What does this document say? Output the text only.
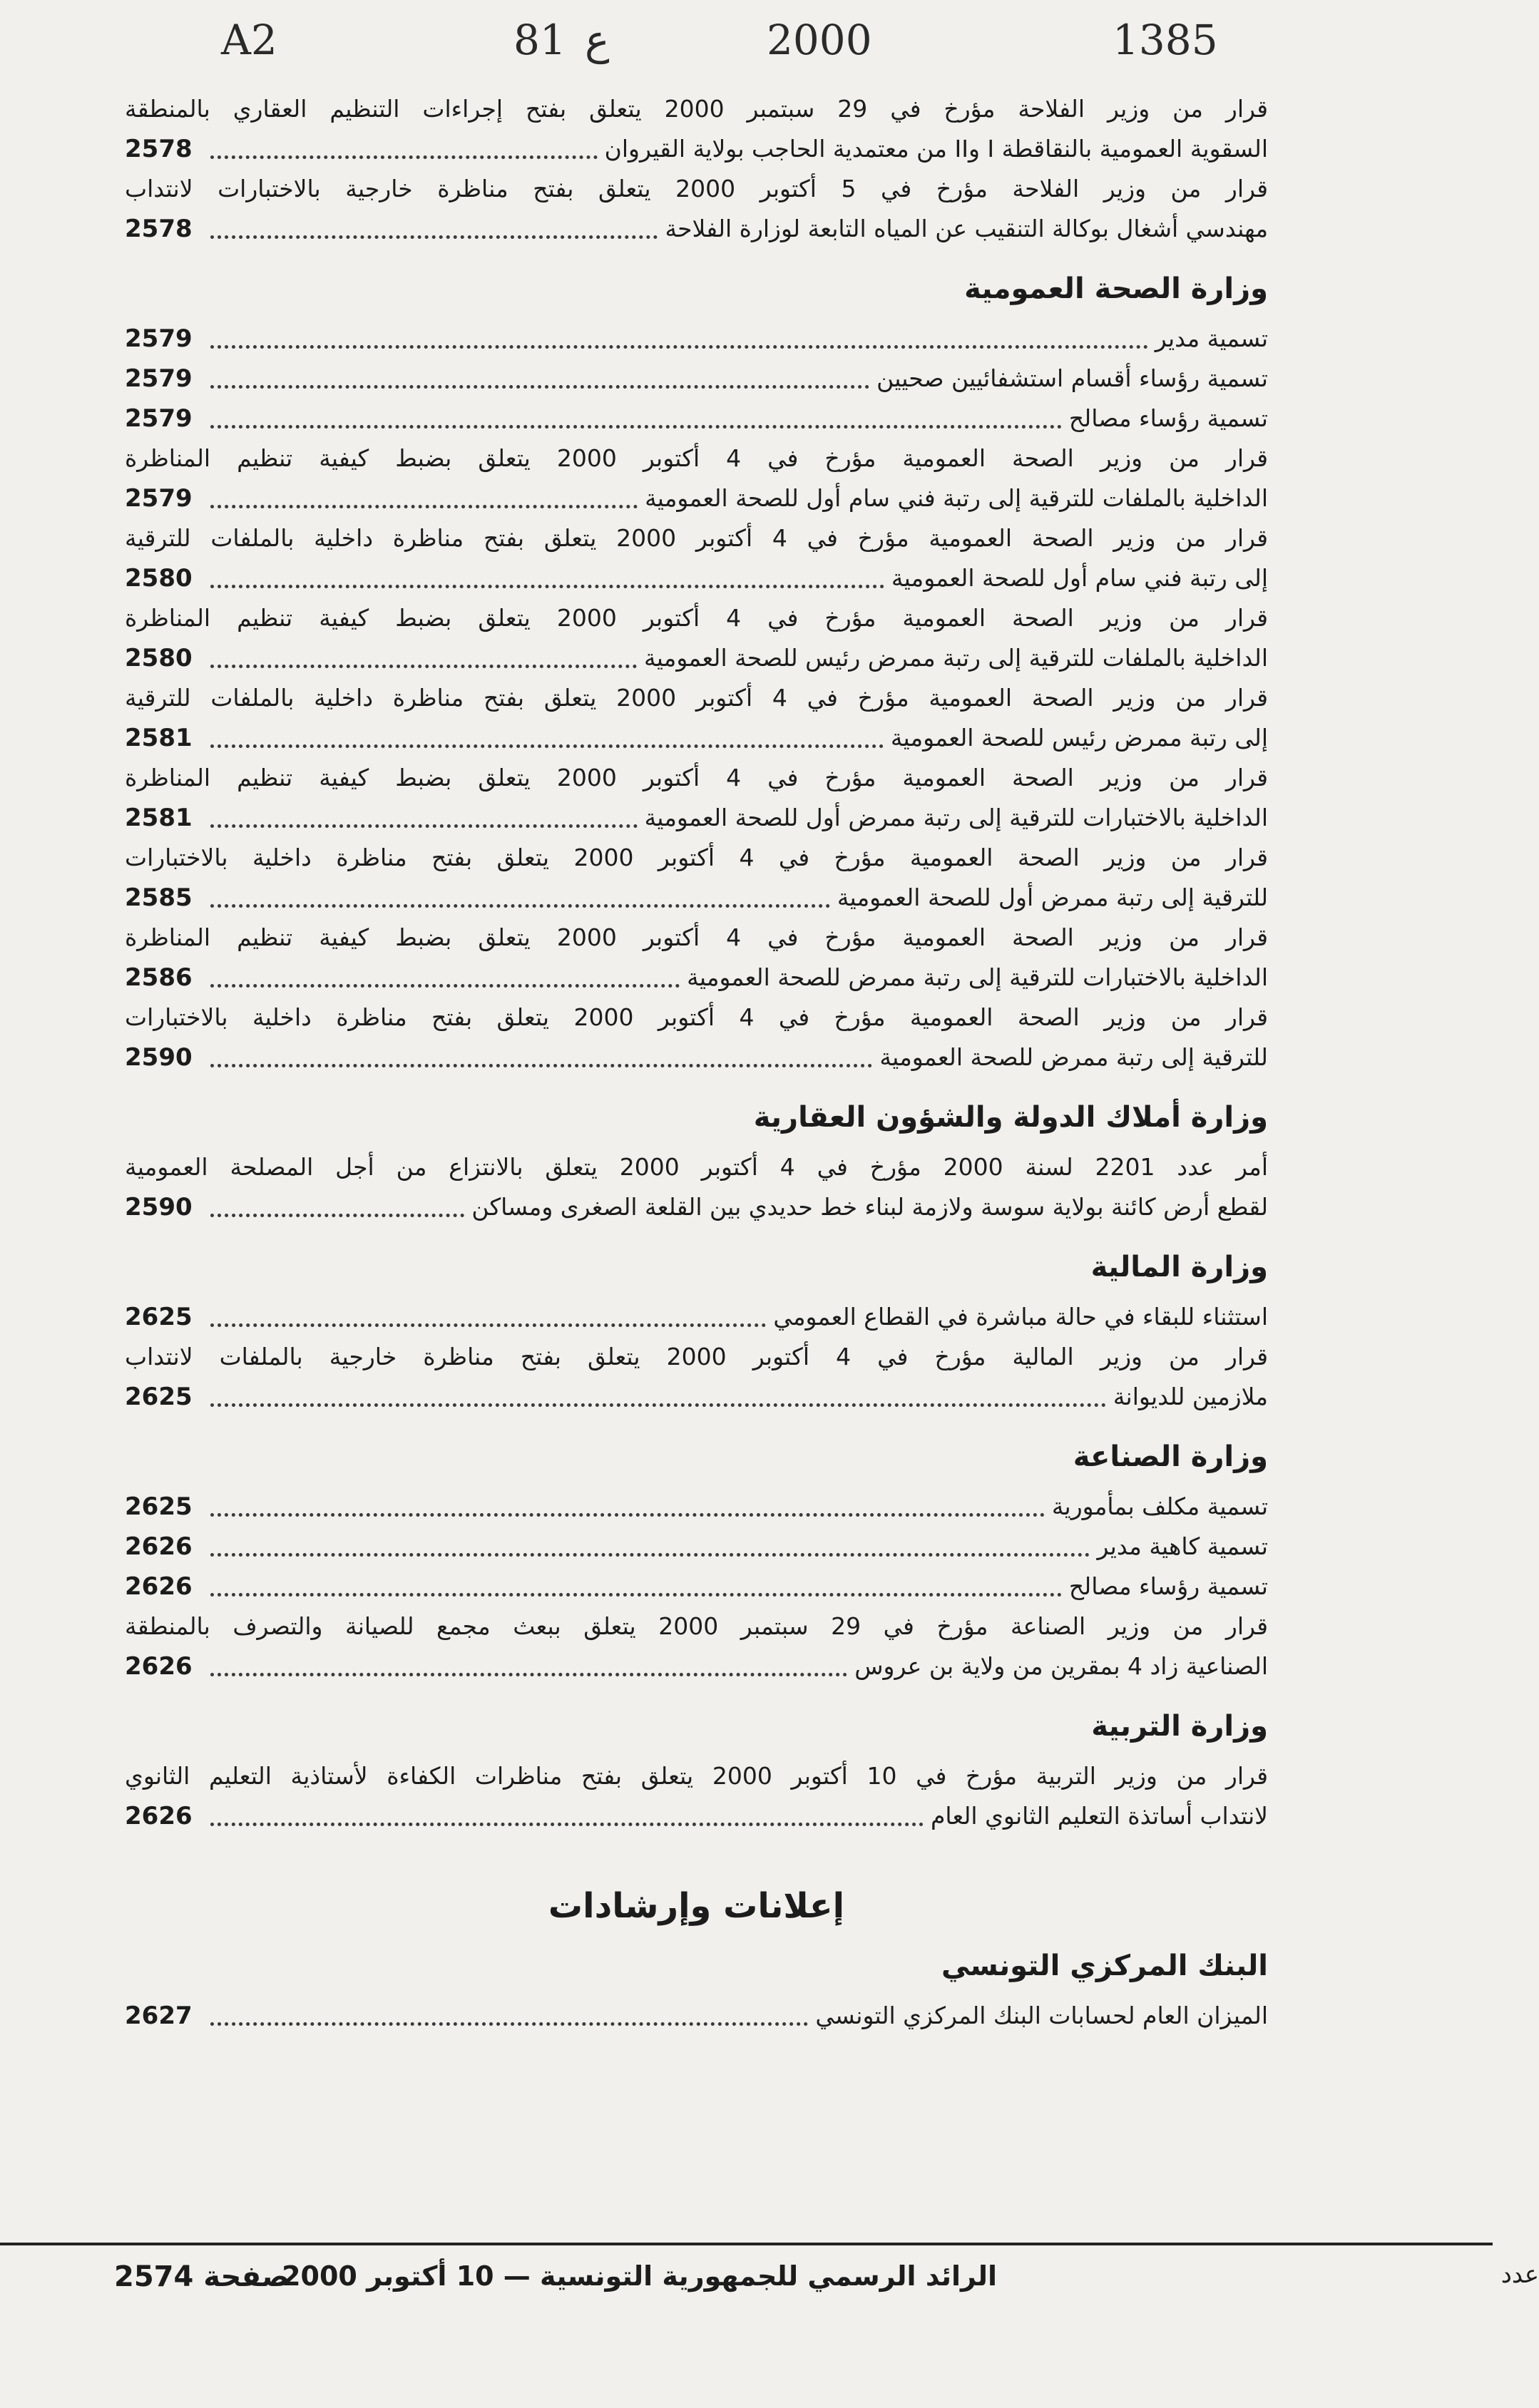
A2	81 ع	2000	1385
قرار من وزير الفلاحة مؤرخ في 29 سبتمبر 2000 يتعلق بفتح إجراءات التنظيم العقاري بالمنطقة
السقوية العمومية بالنقاقطة I وII من معتمدية الحاجب بولاية القيروان
2578
قرار من وزير الفلاحة مؤرخ في 5 أكتوبر 2000 يتعلق بفتح مناظرة خارجية بالاختبارات لانتداب
مهندسي أشغال بوكالة التنقيب عن المياه التابعة لوزارة الفلاحة
2578
وزارة الصحة العمومية
تسمية مدير
2579
تسمية رؤساء أقسام استشفائيين صحيين
2579
تسمية رؤساء مصالح
2579
قرار من وزير الصحة العمومية مؤرخ في 4 أكتوبر 2000 يتعلق بضبط كيفية تنظيم المناظرة
الداخلية بالملفات للترقية إلى رتبة فني سام أول للصحة العمومية
2579
قرار من وزير الصحة العمومية مؤرخ في 4 أكتوبر 2000 يتعلق بفتح مناظرة داخلية بالملفات للترقية
إلى رتبة فني سام أول للصحة العمومية
2580
قرار من وزير الصحة العمومية مؤرخ في 4 أكتوبر 2000 يتعلق بضبط كيفية تنظيم المناظرة
الداخلية بالملفات للترقية إلى رتبة ممرض رئيس للصحة العمومية
2580
قرار من وزير الصحة العمومية مؤرخ في 4 أكتوبر 2000 يتعلق بفتح مناظرة داخلية بالملفات للترقية
إلى رتبة ممرض رئيس للصحة العمومية
2581
قرار من وزير الصحة العمومية مؤرخ في 4 أكتوبر 2000 يتعلق بضبط كيفية تنظيم المناظرة
الداخلية بالاختبارات للترقية إلى رتبة ممرض أول للصحة العمومية
2581
قرار من وزير الصحة العمومية مؤرخ في 4 أكتوبر 2000 يتعلق بفتح مناظرة داخلية بالاختبارات
للترقية إلى رتبة ممرض أول للصحة العمومية
2585
قرار من وزير الصحة العمومية مؤرخ في 4 أكتوبر 2000 يتعلق بضبط كيفية تنظيم المناظرة
الداخلية بالاختبارات للترقية إلى رتبة ممرض للصحة العمومية
2586
قرار من وزير الصحة العمومية مؤرخ في 4 أكتوبر 2000 يتعلق بفتح مناظرة داخلية بالاختبارات
للترقية إلى رتبة ممرض للصحة العمومية
2590
وزارة أملاك الدولة والشؤون العقارية
أمر عدد 2201 لسنة 2000 مؤرخ في 4 أكتوبر 2000 يتعلق بالانتزاع من أجل المصلحة العمومية
لقطع أرض كائنة بولاية سوسة ولازمة لبناء خط حديدي بين القلعة الصغرى ومساكن
2590
وزارة المالية
استثناء للبقاء في حالة مباشرة في القطاع العمومي
2625
قرار من وزير المالية مؤرخ في 4 أكتوبر 2000 يتعلق بفتح مناظرة خارجية بالملفات لانتداب
ملازمين للديوانة
2625
وزارة الصناعة
تسمية مكلف بمأمورية
2625
تسمية كاهية مدير
2626
تسمية رؤساء مصالح
2626
قرار من وزير الصناعة مؤرخ في 29 سبتمبر 2000 يتعلق ببعث مجمع للصيانة والتصرف بالمنطقة
الصناعية زاد 4 بمقرين من ولاية بن عروس
2626
وزارة التربية
قرار من وزير التربية مؤرخ في 10 أكتوبر 2000 يتعلق بفتح مناظرات الكفاءة لأستاذية التعليم الثانوي
لانتداب أساتذة التعليم الثانوي العام
2626
إعلانات وإرشادات
البنك المركزي التونسي
الميزان العام لحسابات البنك المركزي التونسي
2627
عدد
الرائد الرسمي للجمهورية التونسية — 10 أكتوبر 2000
صفحة 2574
